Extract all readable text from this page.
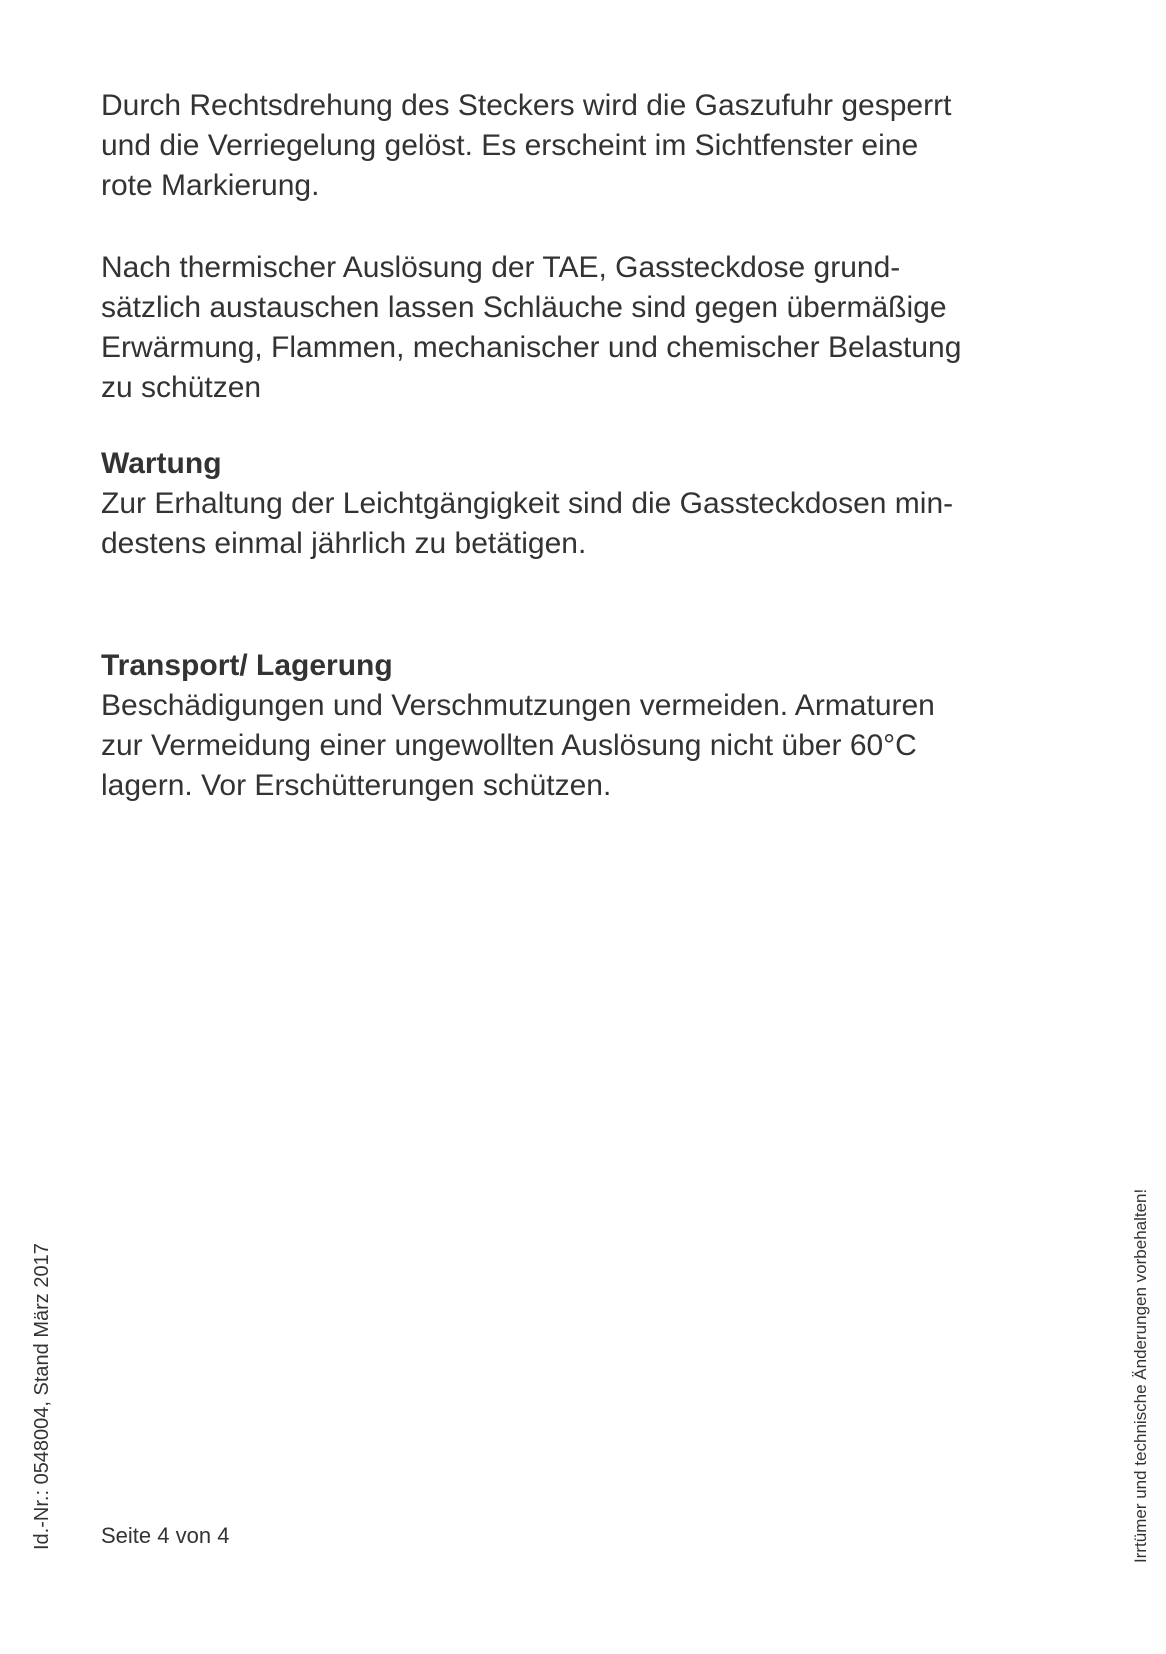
Durch Rechtsdrehung des Steckers wird die Gaszufuhr gesperrt
und die Verriegelung gelöst. Es erscheint im Sichtfenster eine
rote Markierung.

Nach thermischer Auslösung der TAE, Gassteckdose grund-
sätzlich austauschen lassen Schläuche sind gegen übermäßige
Erwärmung, Flammen, mechanischer und chemischer Belastung
zu schützen

Wartung

Zur Erhaltung der Leichtgängigkeit sind die Gassteckdosen min-
destens einmal jährlich zu betätigen.

Transport/ Lagerung

Beschädigungen und Verschmutzungen vermeiden. Armaturen
zur Vermeidung einer ungewollten Auslösung nicht über 60°C
lagern. Vor Erschütterungen schützen.

Seite 4 von 4

Id.-Nr.: 0548004, Stand März 2017	Irrtümer und technische Änderungen vorbehalten!
